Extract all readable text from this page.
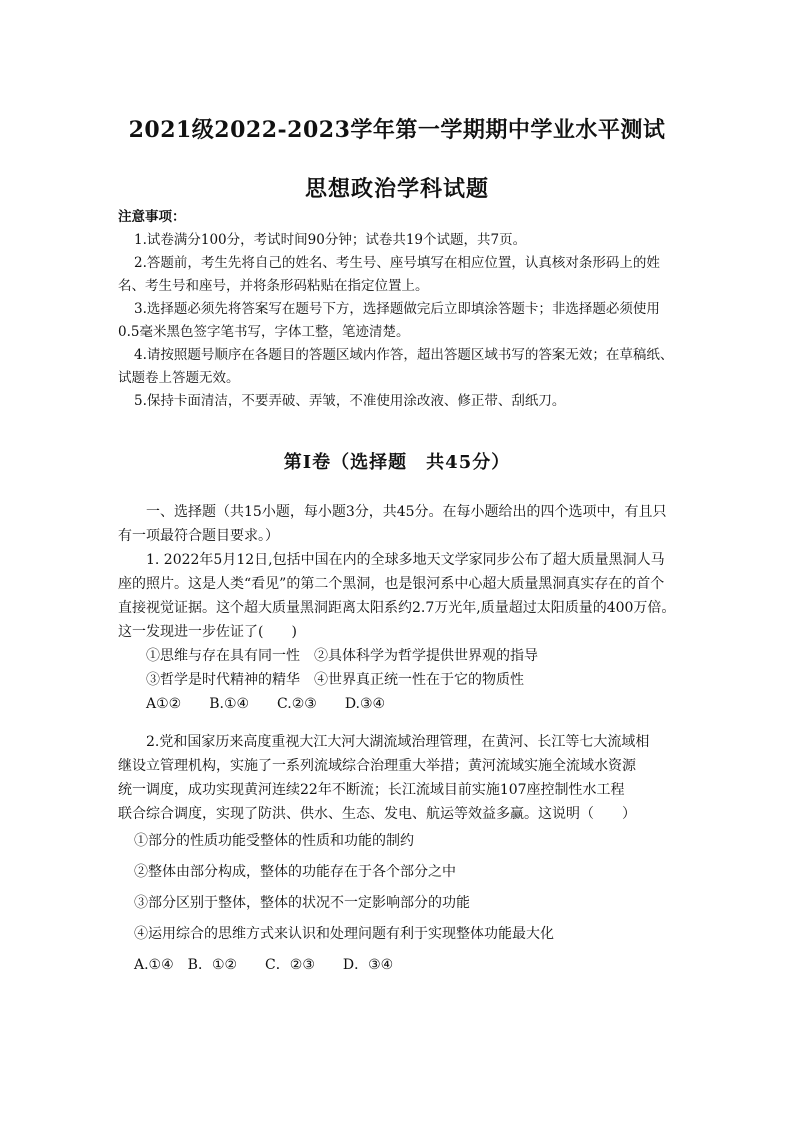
2021级2022-2023学年第一学期期中学业水平测试
思想政治学科试题
注意事项：
1.试卷满分100分，考试时间90分钟；试卷共19个试题，共7页。
2.答题前，考生先将自己的姓名、考生号、座号填写在相应位置，认真核对条形码上的姓
名、考生号和座号，并将条形码粘贴在指定位置上。
3.选择题必须先将答案写在题号下方，选择题做完后立即填涂答题卡；非选择题必须使用
0.5毫米黑色签字笔书写，字体工整，笔迹清楚。
4.请按照题号顺序在各题目的答题区域内作答，超出答题区域书写的答案无效；在草稿纸、
试题卷上答题无效。
5.保持卡面清洁，不要弄破、弄皱，不准使用涂改液、修正带、刮纸刀。
第Ⅰ卷（选择题　共45分）
一、选择题（共15小题，每小题3分，共45分。在每小题给出的四个选项中，有且只
有一项最符合题目要求。）
1. 2022年5月12日,包括中国在内的全球多地天文学家同步公布了超大质量黑洞人马
座的照片。这是人类“看见”的第二个黑洞，也是银河系中心超大质量黑洞真实存在的首个
直接视觉证据。这个超大质量黑洞距离太阳系约2.7万光年,质量超过太阳质量的400万倍。
这一发现进一步佐证了(　　)
①思维与存在具有同一性　②具体科学为哲学提供世界观的指导
③哲学是时代精神的精华　④世界真正统一性在于它的物质性
A①②　　B.①④　　C.②③　　D.③④
2.党和国家历来高度重视大江大河大湖流域治理管理，在黄河、长江等七大流域相
继设立管理机构，实施了一系列流域综合治理重大举措；黄河流域实施全流域水资源
统一调度，成功实现黄河连续22年不断流；长江流域目前实施107座控制性水工程
联合综合调度，实现了防洪、供水、生态、发电、航运等效益多赢。这说明（　　）
①部分的性质功能受整体的性质和功能的制约
②整体由部分构成，整体的功能存在于各个部分之中
③部分区别于整体，整体的状况不一定影响部分的功能
④运用综合的思维方式来认识和处理问题有利于实现整体功能最大化
A.①④　B．①②　　C．②③　　D．③④
